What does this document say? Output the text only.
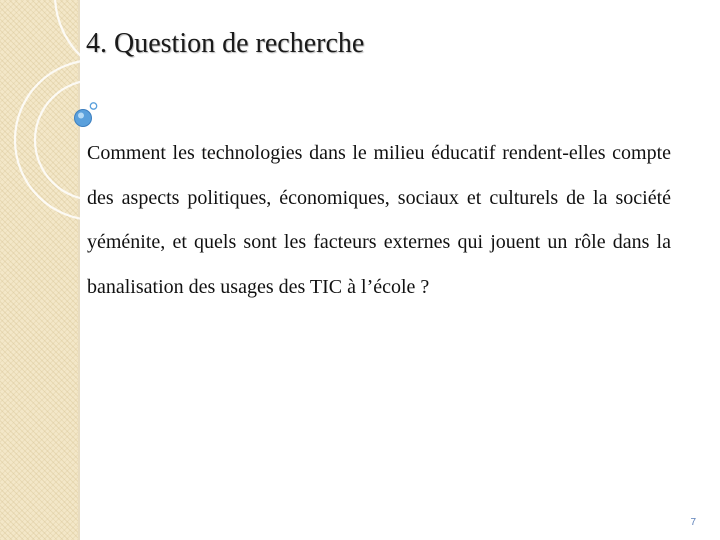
4. Question de recherche

Comment les technologies dans le milieu éducatif rendent-elles compte des aspects politiques, économiques, sociaux et culturels de la société yéménite, et quels sont les facteurs externes qui jouent un rôle dans la banalisation des usages des TIC à l’école ?

7
